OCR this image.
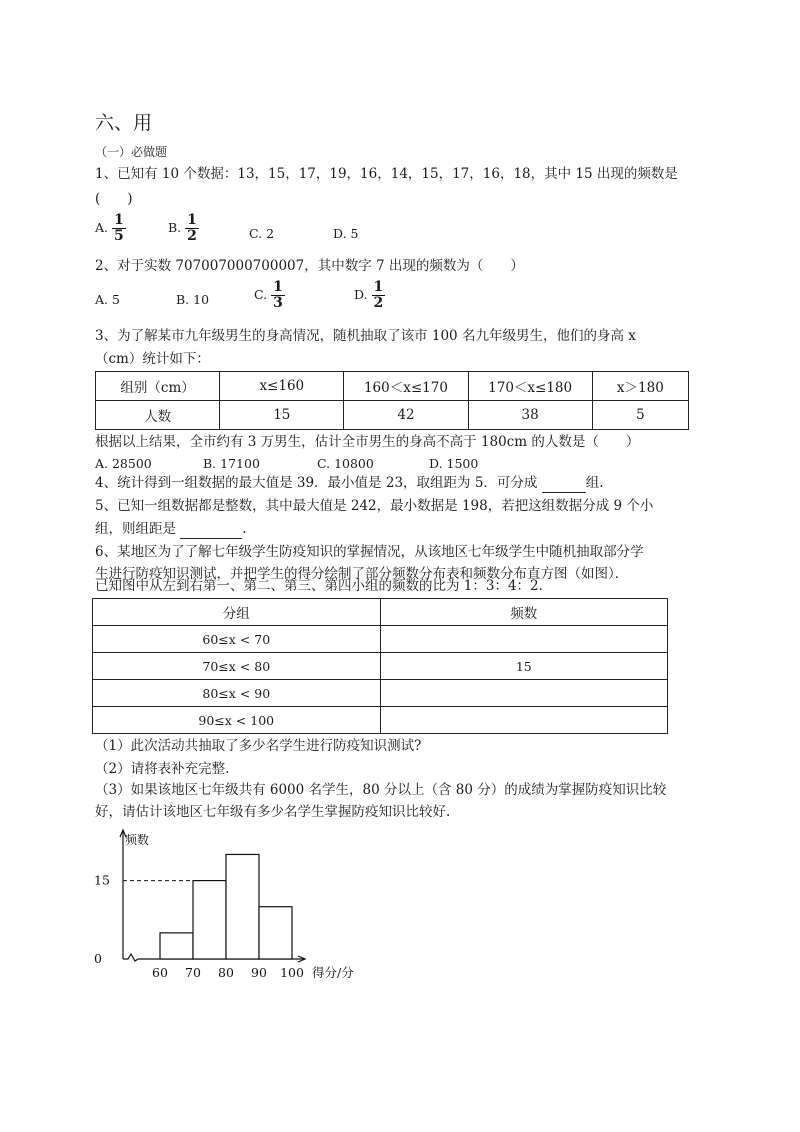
六、用
（一）必做题
1、已知有 10 个数据：13，15，17，19，16，14，15，17，16，18，其中 15 出现的频数是
(　　)
A. $\frac{1}{5}$	B. $\frac{1}{2}$	C. 2	D. 5
2、对于实数 707007000700007，其中数字 7 出现的频数为（　　）
A. 5	B. 10	C. $\frac{1}{3}$	D. $\frac{1}{2}$
3、为了解某市九年级男生的身高情况，随机抽取了该市 100 名九年级男生，他们的身高 x
（cm）统计如下：
组别（cm）	x≤160	160＜x≤170	170＜x≤180	x＞180
人数	15	42	38	5
根据以上结果，全市约有 3 万男生，估计全市男生的身高不高于 180cm 的人数是（　　）
A. 28500	B. 17100	C. 10800	D. 1500
4、统计得到一组数据的最大值是 39．最小值是 23，取组距为 5．可分成	组.
5、已知一组数据都是整数，其中最大值是 242，最小数据是 198，若把这组数据分成 9 个小
组，则组距是	.
6、某地区为了了解七年级学生防疫知识的掌握情况，从该地区七年级学生中随机抽取部分学
生进行防疫知识测试，并把学生的得分绘制了部分频数分布表和频数分布直方图（如图）．
已知图中从左到右第一、第二、第三、第四小组的频数的比为 1：3：4：2．
分组	频数
60≤x < 70	
70≤x < 80	15
80≤x < 90	
90≤x < 100	
（1）此次活动共抽取了多少名学生进行防疫知识测试?
（2）请将表补充完整.
（3）如果该地区七年级共有 6000 名学生，80 分以上（含 80 分）的成绩为掌握防疫知识比较
好，请估计该地区七年级有多少名学生掌握防疫知识比较好.
频数
得分/分
0
15
60 70 80 90 100
